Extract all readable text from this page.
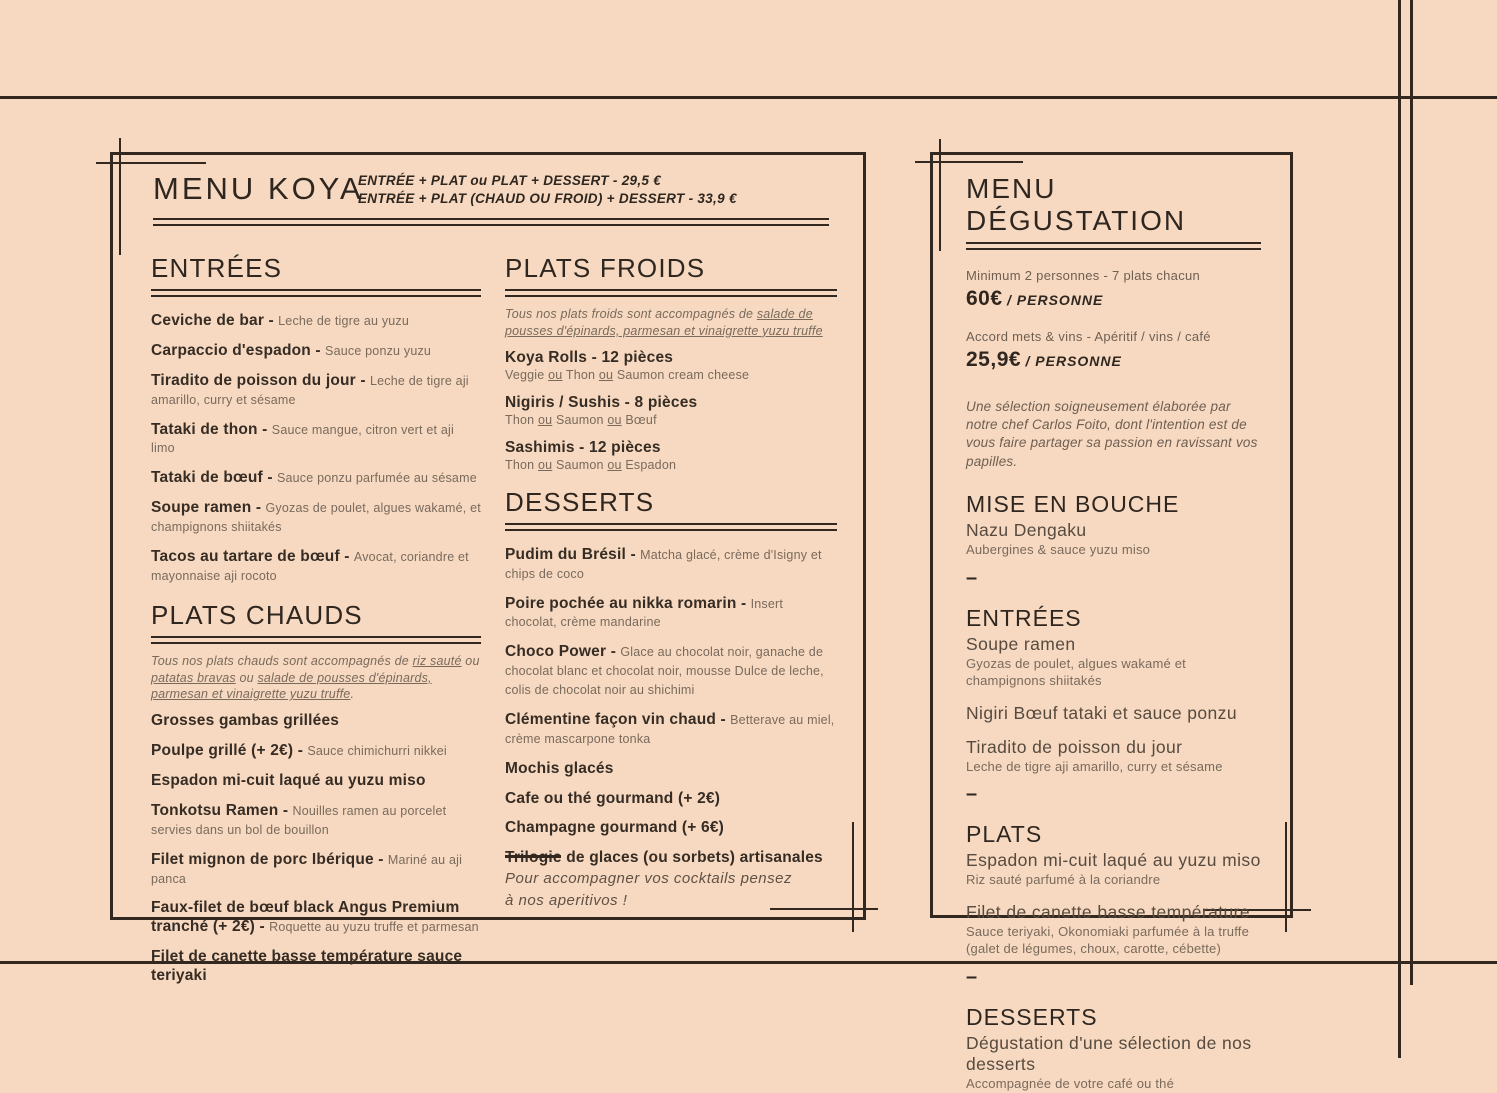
MENU KOYA
ENTRÉE + PLAT ou PLAT + DESSERT - 29,5 €
ENTRÉE + PLAT (CHAUD OU FROID) + DESSERT - 33,9 €
ENTRÉES
Ceviche de bar - Leche de tigre au yuzu
Carpaccio d'espadon - Sauce ponzu yuzu
Tiradito de poisson du jour - Leche de tigre aji amarillo, curry et sésame
Tataki de thon - Sauce mangue, citron vert et aji limo
Tataki de bœuf - Sauce ponzu parfumée au sésame
Soupe ramen - Gyozas de poulet, algues wakamé, et champignons shiitakés
Tacos au tartare de bœuf - Avocat, coriandre et mayonnaise aji rocoto
PLATS CHAUDS
Tous nos plats chauds sont accompagnés de riz sauté ou patatas bravas ou salade de pousses d'épinards, parmesan et vinaigrette yuzu truffe.
Grosses gambas grillées
Poulpe grillé (+ 2€) - Sauce chimichurri nikkei
Espadon mi-cuit laqué au yuzu miso
Tonkotsu Ramen - Nouilles ramen au porcelet servies dans un bol de bouillon
Filet mignon de porc Ibérique - Mariné au aji panca
Faux-filet de bœuf black Angus Premium tranché (+ 2€) - Roquette au yuzu truffe et parmesan
Filet de canette basse température sauce teriyaki
PLATS FROIDS
Tous nos plats froids sont accompagnés de salade de pousses d'épinards, parmesan et vinaigrette yuzu truffe
Koya Rolls - 12 pièces
Veggie ou Thon ou Saumon cream cheese
Nigiris / Sushis - 8 pièces
Thon ou Saumon ou Bœuf
Sashimis - 12 pièces
Thon ou Saumon ou Espadon
DESSERTS
Pudim du Brésil - Matcha glacé, crème d'Isigny et chips de coco
Poire pochée au nikka romarin - Insert chocolat, crème mandarine
Choco Power - Glace au chocolat noir, ganache de chocolat blanc et chocolat noir, mousse Dulce de leche, colis de chocolat noir au shichimi
Clémentine façon vin chaud - Betterave au miel, crème mascarpone tonka
Mochis glacés
Cafe ou thé gourmand (+ 2€)
Champagne gourmand (+ 6€)
Trilogie de glaces (ou sorbets) artisanales
Pour accompagner vos cocktails pensez
à nos aperitivos !
MENU DÉGUSTATION
Minimum 2 personnes - 7 plats chacun
60€ / PERSONNE
Accord mets & vins - Apéritif / vins / café
25,9€ / PERSONNE
Une sélection soigneusement élaborée par notre chef Carlos Foito, dont l'intention est de vous faire partager sa passion en ravissant vos papilles.
MISE EN BOUCHE
Nazu Dengaku
Aubergines & sauce yuzu miso
–
ENTRÉES
Soupe ramen
Gyozas de poulet, algues wakamé et champignons shiitakés
Nigiri Bœuf tataki et sauce ponzu
Tiradito de poisson du jour
Leche de tigre aji amarillo, curry et sésame
–
PLATS
Espadon mi-cuit laqué au yuzu miso
Riz sauté parfumé à la coriandre
Filet de canette basse température
Sauce teriyaki, Okonomiaki parfumée à la truffe (galet de légumes, choux, carotte, cébette)
–
DESSERTS
Dégustation d'une sélection de nos desserts
Accompagnée de votre café ou thé
